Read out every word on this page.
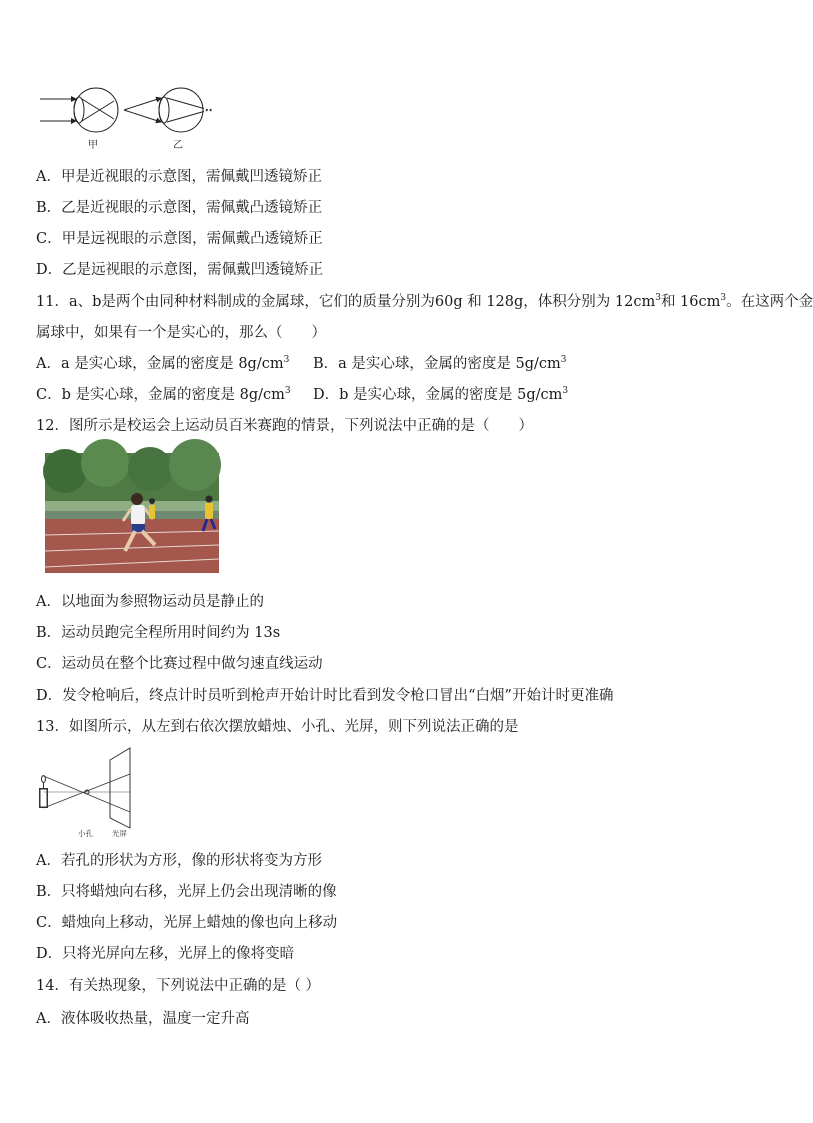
甲	乙
A．甲是近视眼的示意图，需佩戴凹透镜矫正
B．乙是近视眼的示意图，需佩戴凸透镜矫正
C．甲是远视眼的示意图，需佩戴凸透镜矫正
D．乙是远视眼的示意图，需佩戴凹透镜矫正
11．a、b是两个由同种材料制成的金属球，它们的质量分别为60g 和 128g，体积分别为 $12cm^3$和 $16cm^3$。在这两个金
属球中，如果有一个是实心的，那么（　　）
A．a 是实心球，金属的密度是 $8g/cm^3$ B．a 是实心球，金属的密度是 $5g/cm^3$
C．b 是实心球，金属的密度是 $8g/cm^3$ D．b 是实心球，金属的密度是 $5g/cm^3$
12．图所示是校运会上运动员百米赛跑的情景，下列说法中正确的是（　　）
A．以地面为参照物运动员是静止的
B．运动员跑完全程所用时间约为 13s
C．运动员在整个比赛过程中做匀速直线运动
D．发令枪响后，终点计时员听到枪声开始计时比看到发令枪口冒出“白烟”开始计时更准确
13．如图所示，从左到右依次摆放蜡烛、小孔、光屏，则下列说法正确的是
小孔	光屏
A．若孔的形状为方形，像的形状将变为方形
B．只将蜡烛向右移，光屏上仍会出现清晰的像
C．蜡烛向上移动，光屏上蜡烛的像也向上移动
D．只将光屏向左移，光屏上的像将变暗
14．有关热现象，下列说法中正确的是（ ）
A．液体吸收热量，温度一定升高
